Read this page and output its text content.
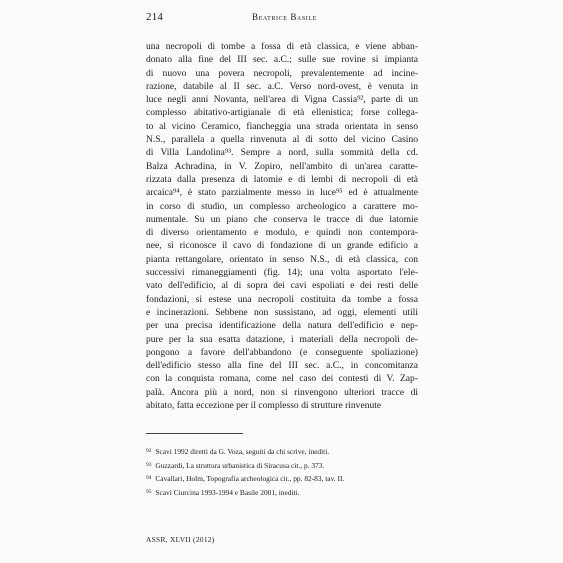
214	Beatrice Basile
una necropoli di tombe a fossa di età classica, e viene abban-
donato alla fine del III sec. a.C.; sulle sue rovine si impianta
di nuovo una povera necropoli, prevalentemente ad incine-
razione, databile al II sec. a.C. Verso nord-ovest, è venuta in
luce negli anni Novanta, nell'area di Vigna Cassia⁹², parte di un
complesso abitativo-artigianale di età ellenistica; forse collega-
to al vicino Ceramico, fiancheggia una strada orientata in senso
N.S., parallela a quella rinvenuta al di sotto del vicino Casino
di Villa Landolina⁹³. Sempre a nord, sulla sommità della cd.
Balza Achradina, in V. Zopiro, nell'ambito di un'area caratte-
rizzata dalla presenza di latomie e di lembi di necropoli di età
arcaica⁹⁴, è stato parzialmente messo in luce⁹⁵ ed è attualmente
in corso di studio, un complesso archeologico a carattere mo-
numentale. Su un piano che conserva le tracce di due latomie
di diverso orientamento e modulo, e quindi non contempora-
nee, si riconosce il cavo di fondazione di un grande edificio a
pianta rettangolare, orientato in senso N.S., di età classica, con
successivi rimaneggiamenti (fig. 14); una volta asportato l'ele-
vato dell'edificio, al di sopra dei cavi espoliati e dei resti delle
fondazioni, si estese una necropoli costituita da tombe a fossa
e incinerazioni. Sebbene non sussistano, ad oggi, elementi utili
per una precisa identificazione della natura dell'edificio e nep-
pure per la sua esatta datazione, i materiali della necropoli de-
pongono a favore dell'abbandono (e conseguente spoliazione)
dell'edificio stesso alla fine del III sec. a.C., in concomitanza
con la conquista romana, come nel caso dei contesti di V. Zap-
palà. Ancora più a nord, non si rinvengono ulteriori tracce di
abitato, fatta eccezione per il complesso di strutture rinvenute
$^{92}$ Scavi 1992 diretti da G. Voza, seguiti da chi scrive, inediti.
$^{93}$ Guzzardi, La struttura urbanistica di Siracusa cit., p. 373.
$^{94}$ Cavallari, Holm, Topografia archeologica cit., pp. 82-83, tav. II.
$^{95}$ Scavi Ciurcina 1993-1994 e Basile 2001, inediti.
ASSR, XLVII (2012)
